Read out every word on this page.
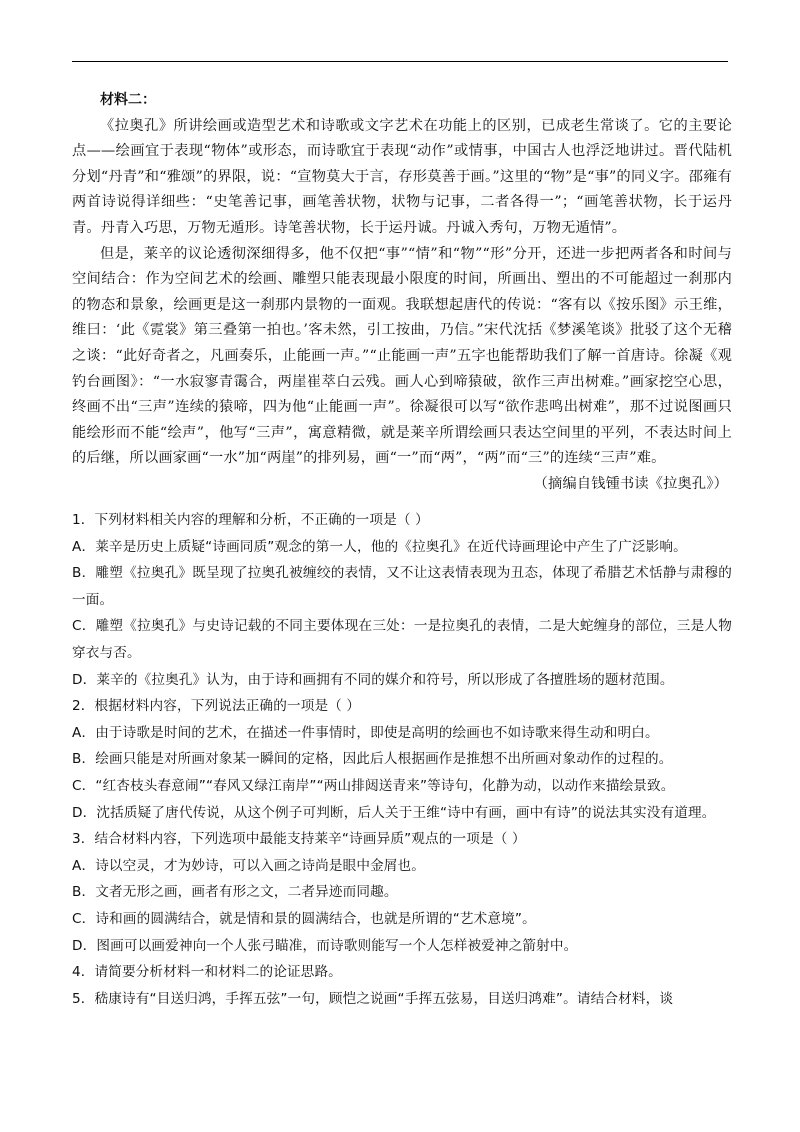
材料二：

《拉奥孔》所讲绘画或造型艺术和诗歌或文字艺术在功能上的区别，已成老生常谈了。它的主要论点——绘画宜于表现“物体”或形态，而诗歌宜于表现“动作”或情事，中国古人也浮泛地讲过。晋代陆机分划“丹青”和“雅颂”的界限，说：“宣物莫大于言，存形莫善于画。”这里的“物”是“事”的同义字。邵雍有两首诗说得详细些：“史笔善记事，画笔善状物，状物与记事，二者各得一”；“画笔善状物，长于运丹青。丹青入巧思，万物无遁形。诗笔善状物，长于运丹诚。丹诚入秀句，万物无遁情”。

但是，莱辛的议论透彻深细得多，他不仅把“事”“情”和“物”“形”分开，还进一步把两者各和时间与空间结合：作为空间艺术的绘画、雕塑只能表现最小限度的时间，所画出、塑出的不可能超过一刹那内的物态和景象，绘画更是这一刹那内景物的一面观。我联想起唐代的传说：“客有以《按乐图》示王维，维曰：‘此《霓裳》第三叠第一拍也。’客未然，引工按曲，乃信。”宋代沈括《梦溪笔谈》批驳了这个无稽之谈：“此好奇者之，凡画奏乐，止能画一声。”“止能画一声”五字也能帮助我们了解一首唐诗。徐凝《观钓台画图》：“一水寂寥青霭合，两崖崔萃白云残。画人心到啼猿破，欲作三声出树难。”画家挖空心思，终画不出“三声”连续的猿啼，四为他“止能画一声”。徐凝很可以写“欲作悲鸣出树难”，那不过说图画只能绘形而不能“绘声”，他写“三声”，寓意精微，就是莱辛所谓绘画只表达空间里的平列，不表达时间上的后继，所以画家画“一水”加“两崖”的排列易，画“一”而“两”，“两”而“三”的连续“三声”难。

（摘编自钱锺书读《拉奥孔》）

1．下列材料相关内容的理解和分析，不正确的一项是（ ）
A．莱辛是历史上质疑“诗画同质”观念的第一人，他的《拉奥孔》在近代诗画理论中产生了广泛影响。
B．雕塑《拉奥孔》既呈现了拉奥孔被缠绞的表情，又不让这表情表现为丑态，体现了希腊艺术恬静与肃穆的一面。
C．雕塑《拉奥孔》与史诗记载的不同主要体现在三处：一是拉奥孔的表情，二是大蛇缠身的部位，三是人物穿衣与否。
D．莱辛的《拉奥孔》认为，由于诗和画拥有不同的媒介和符号，所以形成了各擅胜场的题材范围。
2．根据材料内容，下列说法正确的一项是（ ）
A．由于诗歌是时间的艺术，在描述一件事情时，即使是高明的绘画也不如诗歌来得生动和明白。
B．绘画只能是对所画对象某一瞬间的定格，因此后人根据画作是推想不出所画对象动作的过程的。
C．“红杏枝头春意闹”“春风又绿江南岸”“两山排闼送青来”等诗句，化静为动，以动作来描绘景致。
D．沈括质疑了唐代传说，从这个例子可判断，后人关于王维“诗中有画，画中有诗”的说法其实没有道理。
3．结合材料内容，下列选项中最能支持莱辛“诗画异质”观点的一项是（ ）
A．诗以空灵，才为妙诗，可以入画之诗尚是眼中金屑也。
B．文者无形之画，画者有形之文，二者异迹而同趣。
C．诗和画的圆满结合，就是情和景的圆满结合，也就是所谓的“艺术意境”。
D．图画可以画爱神向一个人张弓瞄准，而诗歌则能写一个人怎样被爱神之箭射中。
4．请简要分析材料一和材料二的论证思路。
5．嵇康诗有“目送归鸿，手挥五弦”一句，顾恺之说画“手挥五弦易，目送归鸿难”。请结合材料，谈
